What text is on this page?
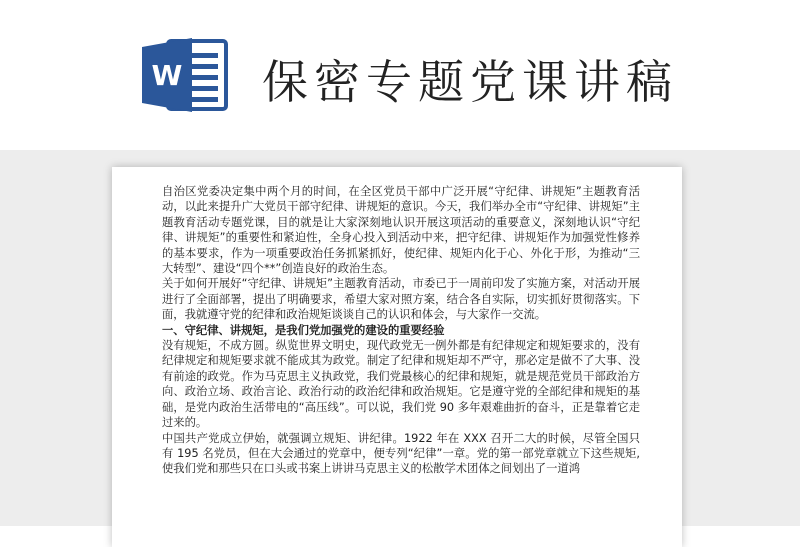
W 保密专题党课讲稿

自治区党委决定集中两个月的时间，在全区党员干部中广泛开展“守纪律、讲规矩”主题教育活动，以此来提升广大党员干部守纪律、讲规矩的意识。今天，我们举办全市“守纪律、讲规矩”主题教育活动专题党课，目的就是让大家深刻地认识开展这项活动的重要意义，深刻地认识“守纪律、讲规矩”的重要性和紧迫性，全身心投入到活动中来，把守纪律、讲规矩作为加强党性修养的基本要求，作为一项重要政治任务抓紧抓好，使纪律、规矩内化于心、外化于形，为推动“三大转型”、建设“四个**”创造良好的政治生态。

关于如何开展好“守纪律、讲规矩”主题教育活动，市委已于一周前印发了实施方案，对活动开展进行了全面部署，提出了明确要求，希望大家对照方案，结合各自实际，切实抓好贯彻落实。下面，我就遵守党的纪律和政治规矩谈谈自己的认识和体会，与大家作一交流。

一、守纪律、讲规矩，是我们党加强党的建设的重要经验

没有规矩，不成方圆。纵览世界文明史，现代政党无一例外都是有纪律规定和规矩要求的，没有纪律规定和规矩要求就不能成其为政党。制定了纪律和规矩却不严守，那必定是做不了大事、没有前途的政党。作为马克思主义执政党，我们党最核心的纪律和规矩，就是规范党员干部政治方向、政治立场、政治言论、政治行动的政治纪律和政治规矩。它是遵守党的全部纪律和规矩的基础，是党内政治生活带电的“高压线”。可以说，我们党 90 多年艰难曲折的奋斗，正是靠着它走过来的。

中国共产党成立伊始，就强调立规矩、讲纪律。1922 年在 XXX 召开二大的时候，尽管全国只有 195 名党员，但在大会通过的党章中，便专列“纪律”一章。党的第一部党章就立下这些规矩, 使我们党和那些只在口头或书案上讲讲马克思主义的松散学术团体之间划出了一道鸿
